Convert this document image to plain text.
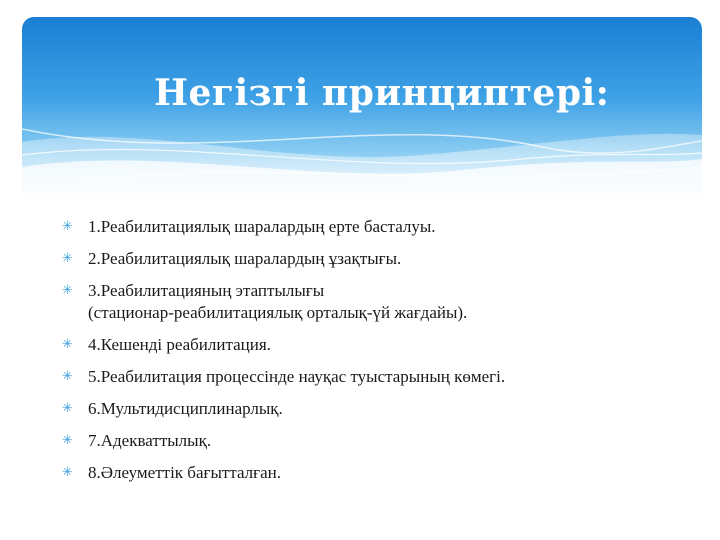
Негізгі принциптері:
✳ 1.Реабилитациялық шаралардың ерте басталуы.
✳ 2.Реабилитациялық шаралардың ұзақтығы.
✳ 3.Реабилитацияның этаптылығы
(стационар-реабилитациялық орталық-үй жағдайы).
✳ 4.Кешенді реабилитация.
✳ 5.Реабилитация процессінде науқас туыстарының көмегі.
✳ 6.Мультидисциплинарлық.
✳ 7.Адекваттылық.
✳ 8.Әлеуметтік бағытталған.
